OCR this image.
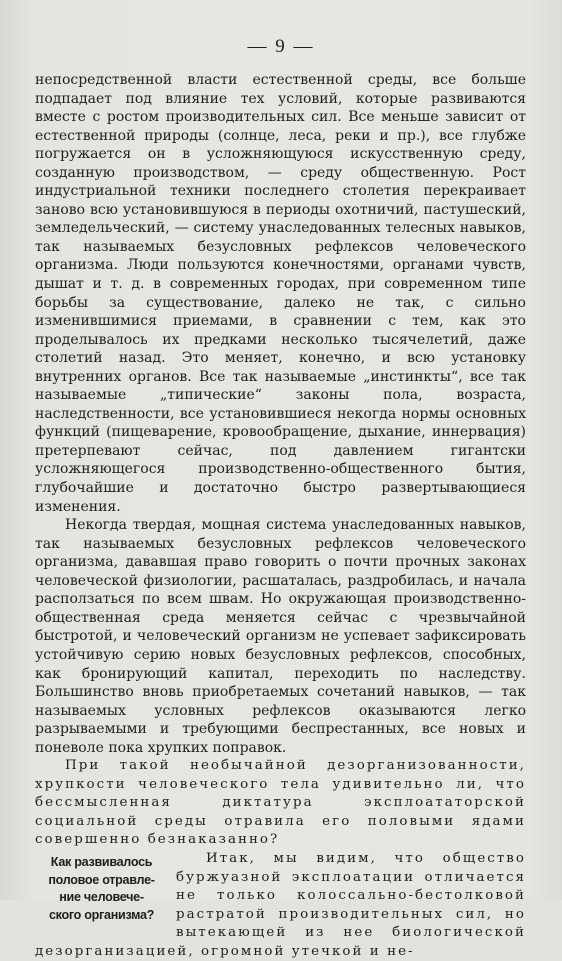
— 9 —

непосредственной власти естественной среды, все больше подпадает под влияние тех условий, которые развиваются вместе с ростом производительных сил. Все меньше зависит от естественной природы (солнце, леса, реки и пр.), все глубже погружается он в усложняющуюся искусственную среду, созданную производством, — среду общественную. Рост индустриальной техники последнего столетия перекраивает заново всю установившуюся в периоды охотничий, пастушеский, земледельческий, — систему унаследованных телесных навыков, так называемых безусловных рефлексов человеческого организма. Люди пользуются конечностями, органами чувств, дышат и т. д. в современных городах, при современном типе борьбы за существование, далеко не так, с сильно изменившимися приемами, в сравнении с тем, как это проделывалось их предками несколько тысячелетий, даже столетий назад. Это меняет, конечно, и всю установку внутренних органов. Все так называемые „инстинкты“, все так называемые „типические“ законы пола, возраста, наследственности, все установившиеся некогда нормы основных функций (пищеварение, кровообращение, дыхание, иннервация) претерпевают сейчас, под давлением гигантски усложняющегося производственно-общественного бытия, глубочайшие и достаточно быстро развертывающиеся изменения.

Некогда твердая, мощная система унаследованных навыков, так называемых безусловных рефлексов человеческого организма, дававшая право говорить о почти прочных законах человеческой физиологии, расшаталась, раздробилась, и начала расползаться по всем швам. Но окружающая производственно-общественная среда меняется сейчас с чрезвычайной быстротой, и человеческий организм не успевает зафиксировать устойчивую серию новых безусловных рефлексов, способных, как бронирующий капитал, переходить по наследству. Большинство вновь приобретаемых сочетаний навыков, — так называемых условных рефлексов оказываются легко разрываемыми и требующими беспрестанных, все новых и поневоле пока хрупких поправок.

При такой необычайной дезорганизованности, хрупкости человеческого тела удивительно ли, что бессмысленная диктатура эксплоататорской социальной среды отравила его половыми ядами совершенно безнаказанно?

Как развивалось
половое отравле-
ние человече-
ского организма?

Итак, мы видим, что общество буржуазной эксплоатации отличается не только колоссально-бестолковой растратой производительных сил, но вытекающей из нее биологической дезорганизацией, огромной утечкой и не-
